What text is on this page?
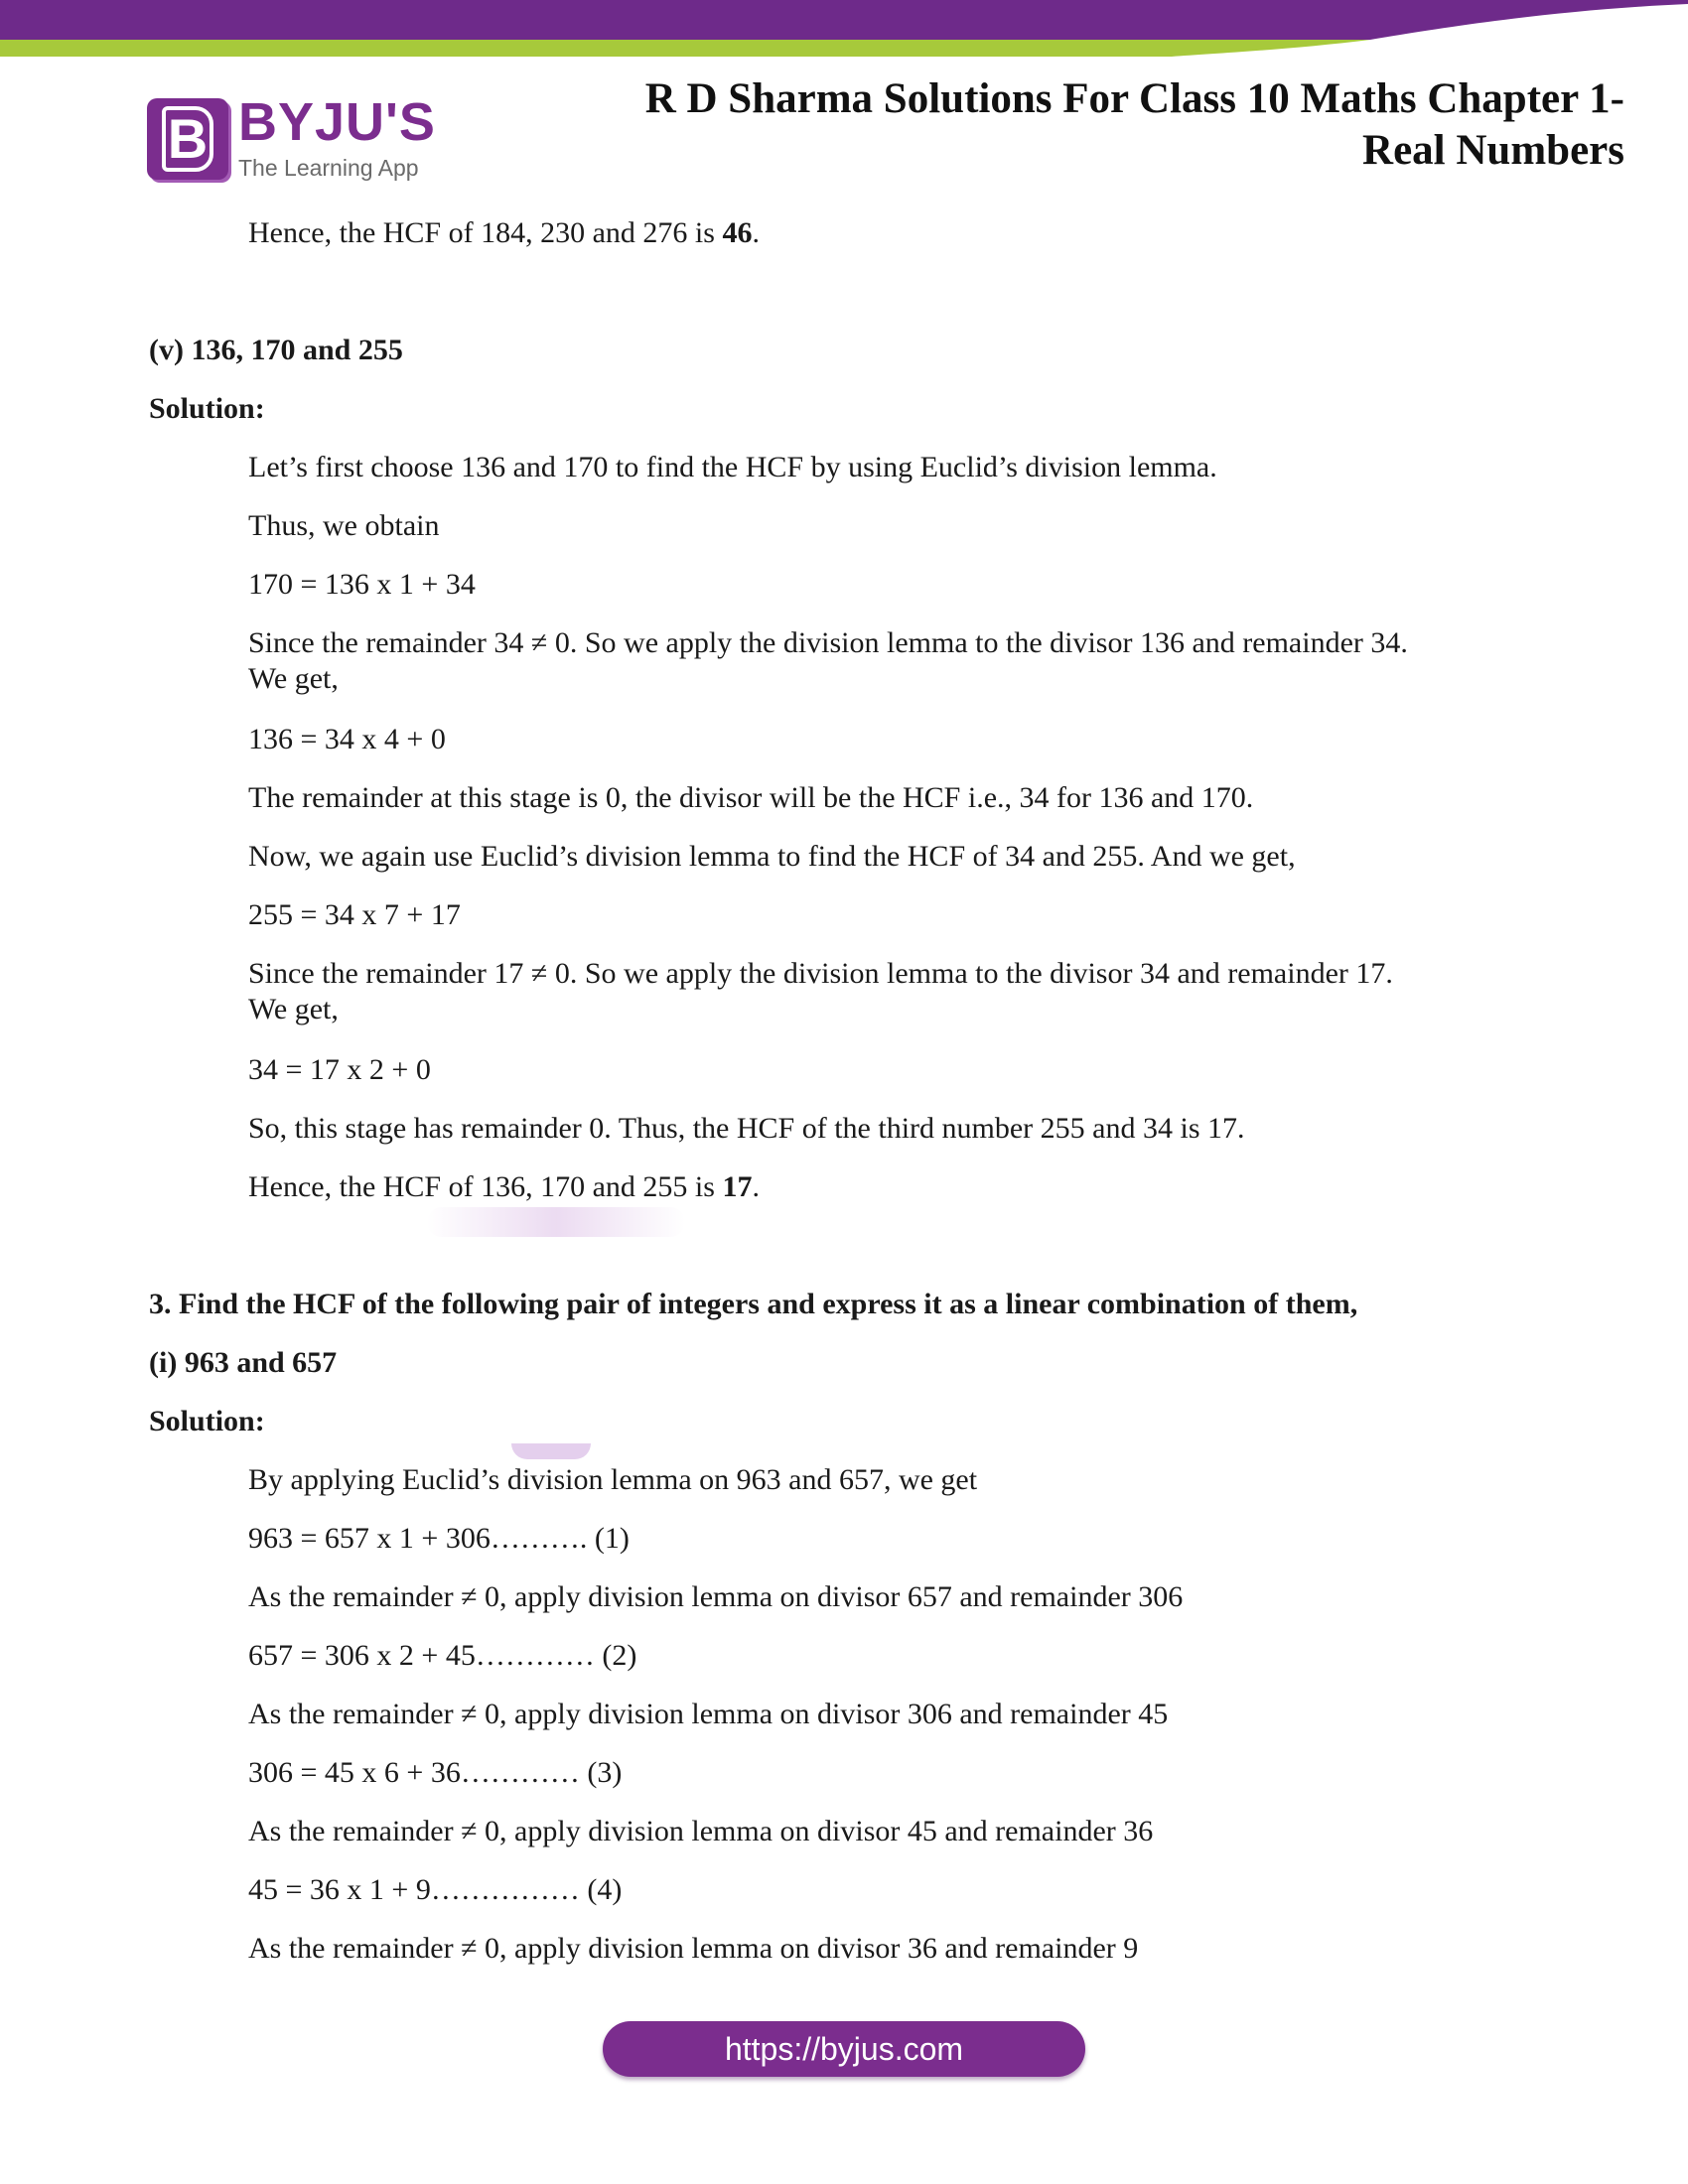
B BYJU'S
The Learning App
R D Sharma Solutions For Class 10 Maths Chapter 1-
Real Numbers
Hence, the HCF of 184, 230 and 276 is 46.
(v) 136, 170 and 255
Solution:
Let’s first choose 136 and 170 to find the HCF by using Euclid’s division lemma.
Thus, we obtain
170 = 136 x 1 + 34
Since the remainder 34 ≠ 0. So we apply the division lemma to the divisor 136 and remainder 34.
We get,
136 = 34 x 4 + 0
The remainder at this stage is 0, the divisor will be the HCF i.e., 34 for 136 and 170.
Now, we again use Euclid’s division lemma to find the HCF of 34 and 255. And we get,
255 = 34 x 7 + 17
Since the remainder 17 ≠ 0. So we apply the division lemma to the divisor 34 and remainder 17.
We get,
34 = 17 x 2 + 0
So, this stage has remainder 0. Thus, the HCF of the third number 255 and 34 is 17.
Hence, the HCF of 136, 170 and 255 is 17.
3. Find the HCF of the following pair of integers and express it as a linear combination of them,
(i) 963 and 657
Solution:
By applying Euclid’s division lemma on 963 and 657, we get
963 = 657 x 1 + 306………. (1)
As the remainder ≠ 0, apply division lemma on divisor 657 and remainder 306
657 = 306 x 2 + 45………… (2)
As the remainder ≠ 0, apply division lemma on divisor 306 and remainder 45
306 = 45 x 6 + 36………… (3)
As the remainder ≠ 0, apply division lemma on divisor 45 and remainder 36
45 = 36 x 1 + 9…………… (4)
As the remainder ≠ 0, apply division lemma on divisor 36 and remainder 9
https://byjus.com
